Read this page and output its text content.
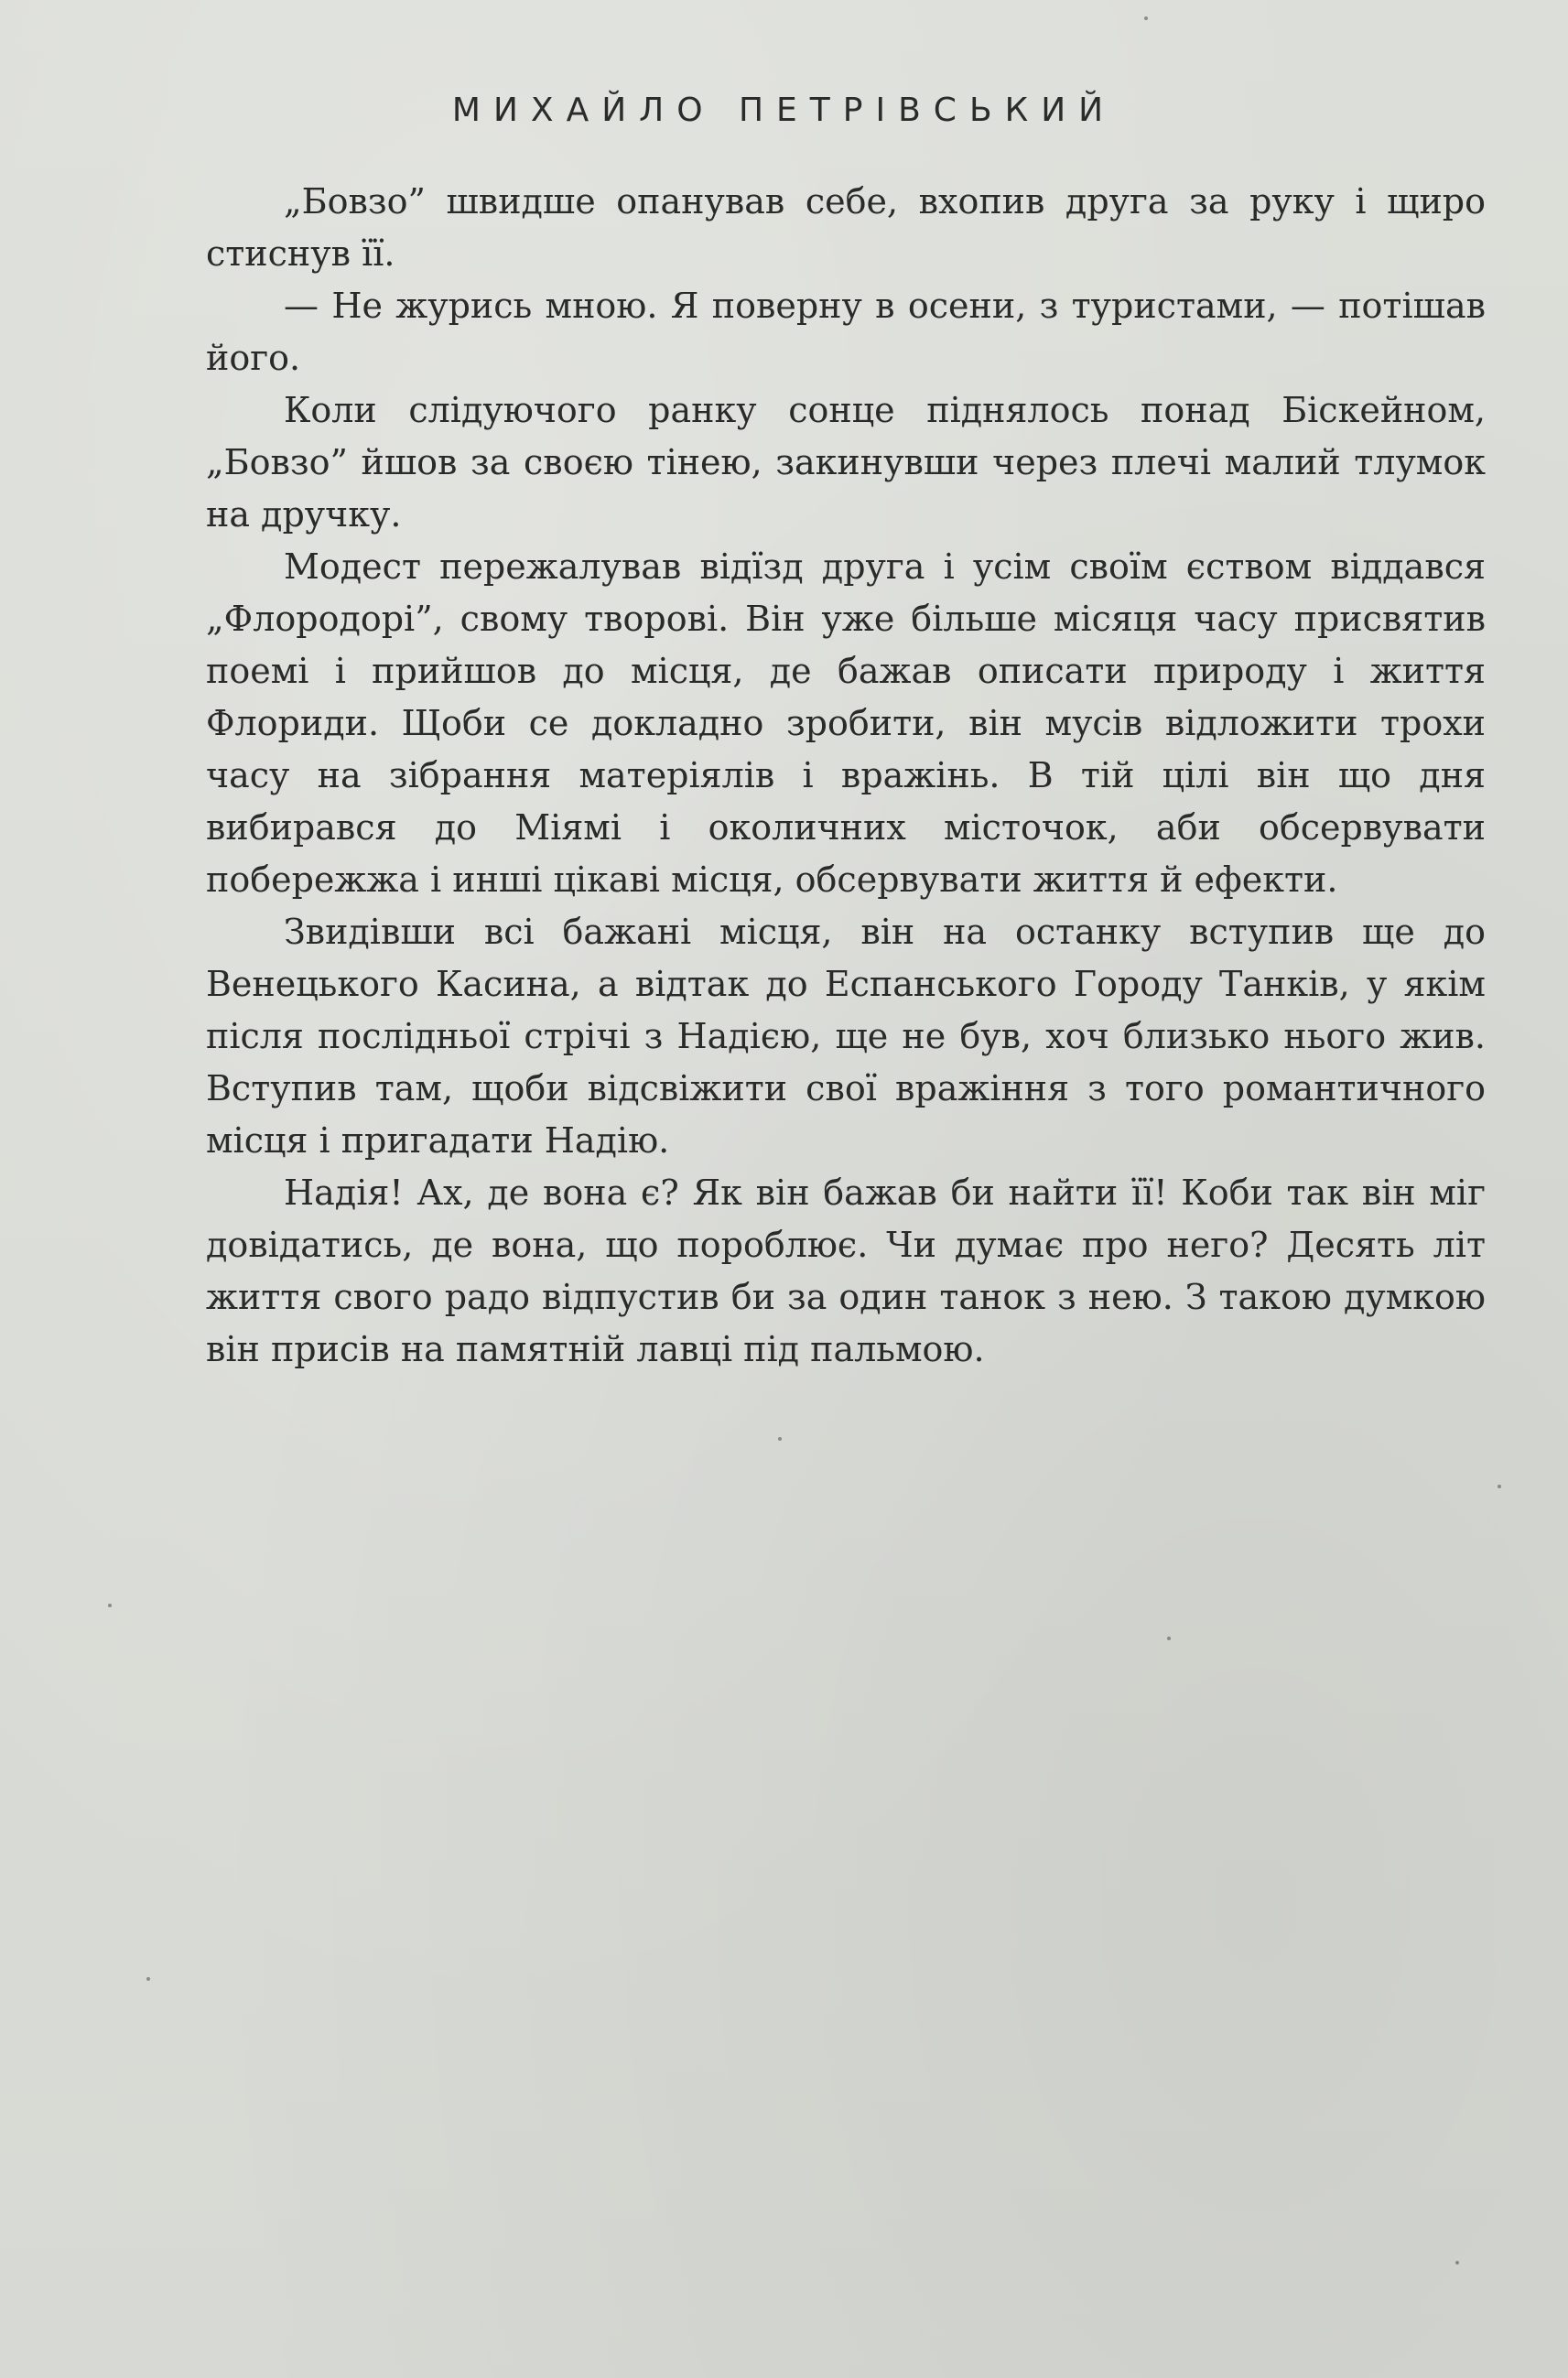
МИХАЙЛО ПЕТРІВСЬКИЙ

„Бовзо” швидше опанував себе, вхопив друга за руку і щиро стиснув її.

— Не журись мною. Я поверну в осени, з туристами, — потішав його.

Коли слідуючого ранку сонце піднялось понад Біскейном, „Бовзо” йшов за своєю тінею, закинувши через плечі малий тлумок на дручку.

Модест пережалував відїзд друга і усім своїм єством віддався „Флородорі”, свому творові. Він уже більше місяця часу присвятив поемі і прийшов до місця, де бажав описати природу і життя Флориди. Щоби се докладно зробити, він мусів відложити трохи часу на зібрання матеріялів і вражінь. В тій цілі він що дня вибирався до Міямі і околичних місточок, аби обсервувати побережжа і инші цікаві місця, обсервувати життя й ефекти.

Звидівши всі бажані місця, він на останку вступив ще до Венецького Касина, а відтак до Еспанського Городу Танків, у якім після послідньої стрічі з Надією, ще не був, хоч близько нього жив. Вступив там, щоби відсвіжити свої вражіння з того романтичного місця і пригадати Надію.

Надія! Ах, де вона є? Як він бажав би найти її! Коби так він міг довідатись, де вона, що пороблює. Чи думає про него? Десять літ життя свого радо відпустив би за один танок з нею. З такою думкою він присів на памятній лавці під пальмою.
